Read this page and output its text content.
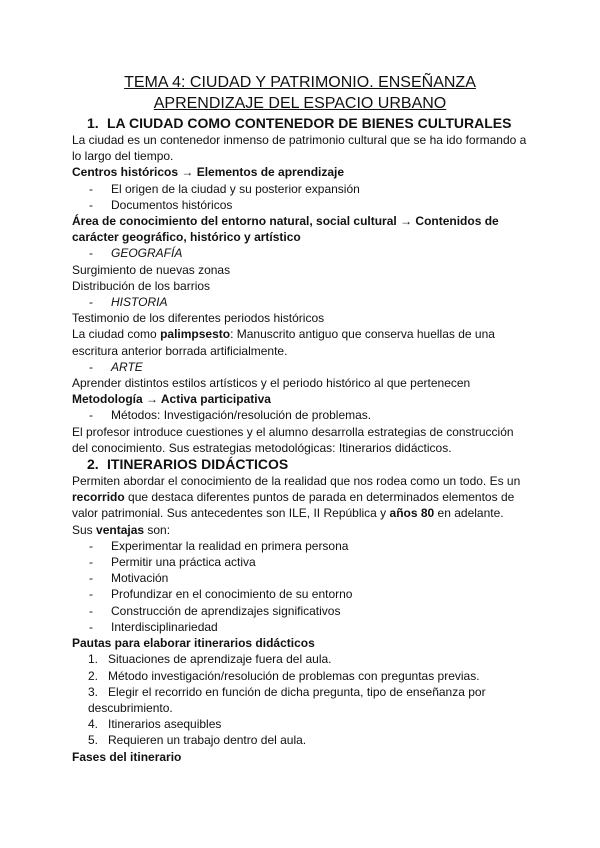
TEMA 4: CIUDAD Y PATRIMONIO. ENSEÑANZA
APRENDIZAJE DEL ESPACIO URBANO
1. LA CIUDAD COMO CONTENEDOR DE BIENES CULTURALES

La ciudad es un contenedor inmenso de patrimonio cultural que se ha ido formando a lo largo del tiempo.

Centros históricos → Elementos de aprendizaje

- El origen de la ciudad y su posterior expansión

- Documentos históricos

Área de conocimiento del entorno natural, social cultural → Contenidos de carácter geográfico, histórico y artístico

- GEOGRAFÍA

Surgimiento de nuevas zonas

Distribución de los barrios

- HISTORIA

Testimonio de los diferentes periodos históricos

La ciudad como palimpsesto: Manuscrito antiguo que conserva huellas de una escritura anterior borrada artificialmente.

- ARTE

Aprender distintos estilos artísticos y el periodo histórico al que pertenecen

Metodología → Activa participativa

- Métodos: Investigación/resolución de problemas.

El profesor introduce cuestiones y el alumno desarrolla estrategias de construcción del conocimiento. Sus estrategias metodológicas: Itinerarios didácticos.

2. ITINERARIOS DIDÁCTICOS

Permiten abordar el conocimiento de la realidad que nos rodea como un todo. Es un recorrido que destaca diferentes puntos de parada en determinados elementos de valor patrimonial. Sus antecedentes son ILE, II República y años 80 en adelante.

Sus ventajas son:

- Experimentar la realidad en primera persona

- Permitir una práctica activa

- Motivación

- Profundizar en el conocimiento de su entorno

- Construcción de aprendizajes significativos

- Interdisciplinariedad

Pautas para elaborar itinerarios didácticos

1. Situaciones de aprendizaje fuera del aula.

2. Método investigación/resolución de problemas con preguntas previas.

3. Elegir el recorrido en función de dicha pregunta, tipo de enseñanza por

descubrimiento.

4. Itinerarios asequibles

5. Requieren un trabajo dentro del aula.

Fases del itinerario
